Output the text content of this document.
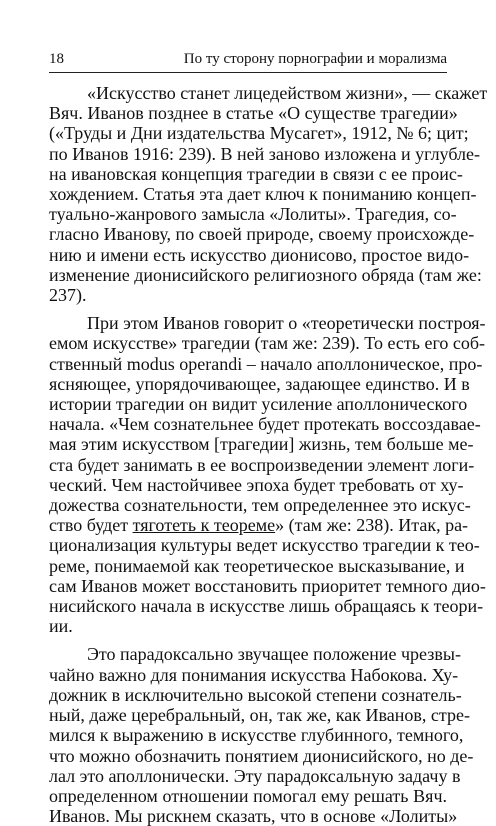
18	По ту сторону порнографии и морализма
«Искусство станет лицедейством жизни», — скажет
Вяч. Иванов позднее в статье «О существе трагедии»
(«Труды и Дни издательства Мусагет», 1912, № 6; цит;
по Иванов 1916: 239). В ней заново изложена и углубле-
на ивановская концепция трагедии в связи с ее проис-
хождением. Статья эта дает ключ к пониманию концеп-
туально-жанрового замысла «Лолиты». Трагедия, со-
гласно Иванову, по своей природе, своему происхожде-
нию и имени есть искусство дионисово, простое видо-
изменение дионисийского религиозного обряда (там же:
237).
При этом Иванов говорит о «теоретически построя-
емом искусстве» трагедии (там же: 239). То есть его соб-
ственный modus operandi – начало аполлоническое, про-
ясняющее, упорядочивающее, задающее единство. И в
истории трагедии он видит усиление аполлонического
начала. «Чем сознательнее будет протекать воссоздавае-
мая этим искусством [трагедии] жизнь, тем больше ме-
ста будет занимать в ее воспроизведении элемент логи-
ческий. Чем настойчивее эпоха будет требовать от ху-
дожества сознательности, тем определеннее это искус-
ство будет тяготеть к теореме» (там же: 238). Итак, ра-
ционализация культуры ведет искусство трагедии к тео-
реме, понимаемой как теоретическое высказывание, и
сам Иванов может восстановить приоритет темного дио-
нисийского начала в искусстве лишь обращаясь к теори-
ии.
Это парадоксально звучащее положение чрезвы-
чайно важно для понимания искусства Набокова. Ху-
дожник в исключительно высокой степени сознатель-
ный, даже церебральный, он, так же, как Иванов, стре-
мился к выражению в искусстве глубинного, темного,
что можно обозначить понятием дионисийского, но де-
лал это аполлонически. Эту парадоксальную задачу в
определенном отношении помогал ему решать Вяч.
Иванов. Мы рискнем сказать, что в основе «Лолиты»
